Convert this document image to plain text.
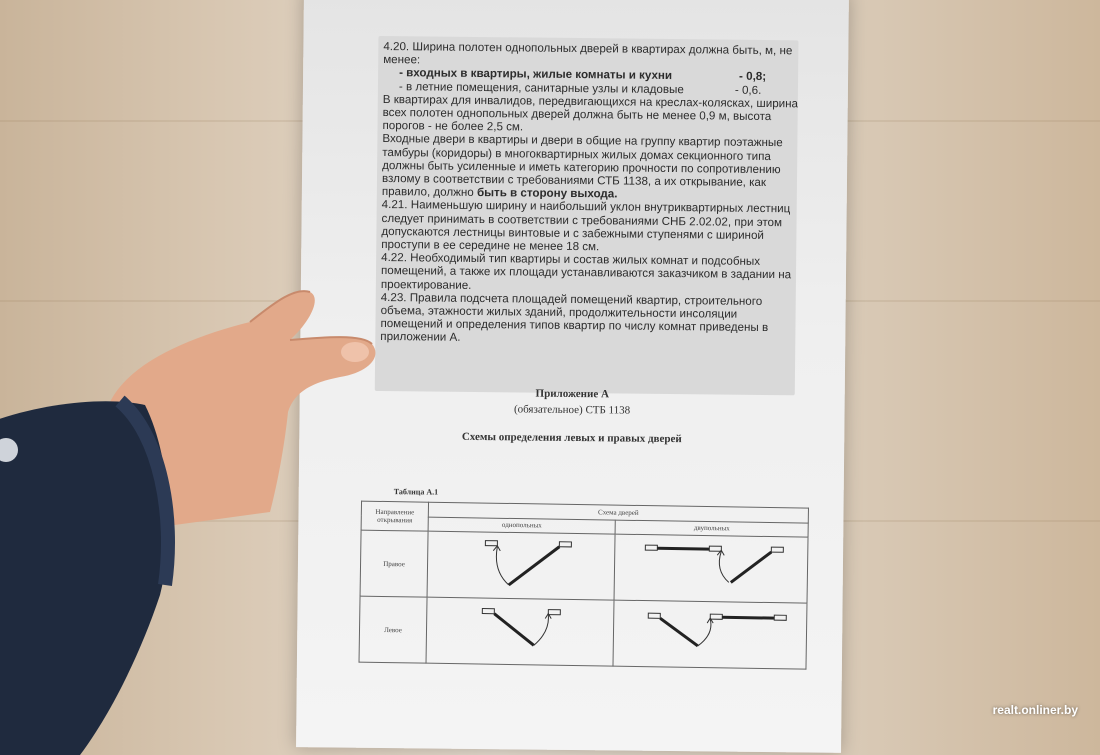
4.20. Ширина полотен однопольных дверей в квартирах должна быть, м, не менее:

- входных в квартиры, жилые комнаты и кухни	- 0,8;

- в летние помещения, санитарные узлы и кладовые	- 0,6.

В квартирах для инвалидов, передвигающихся на креслах-колясках, ширина всех полотен однопольных дверей должна быть не менее 0,9 м, высота порогов - не более 2,5 см.

Входные двери в квартиры и двери в общие на группу квартир поэтажные тамбуры (коридоры) в многоквартирных жилых домах секционного типа должны быть усиленные и иметь категорию прочности по сопротивлению взлому в соответствии с требованиями СТБ 1138, а их открывание, как правило, должно быть в сторону выхода.

4.21. Наименьшую ширину и наибольший уклон внутриквартирных лестниц следует принимать в соответствии с требованиями СНБ 2.02.02, при этом допускаются лестницы винтовые и с забежными ступенями с шириной проступи в ее середине не менее 18 см.

4.22. Необходимый тип квартиры и состав жилых комнат и подсобных помещений, а также их площади устанавливаются заказчиком в задании на проектирование.

4.23. Правила подсчета площадей помещений квартир, строительного объема, этажности жилых зданий, продолжительности инсоляции помещений и определения типов квартир по числу комнат приведены в приложении А.

Приложение А
(обязательное) СТБ 1138
Схемы определения левых и правых дверей
Таблица А.1
Направление открывания	Схема дверей	
	однопольных	двупольных
Правое		
Левое		
realt.onliner.by
